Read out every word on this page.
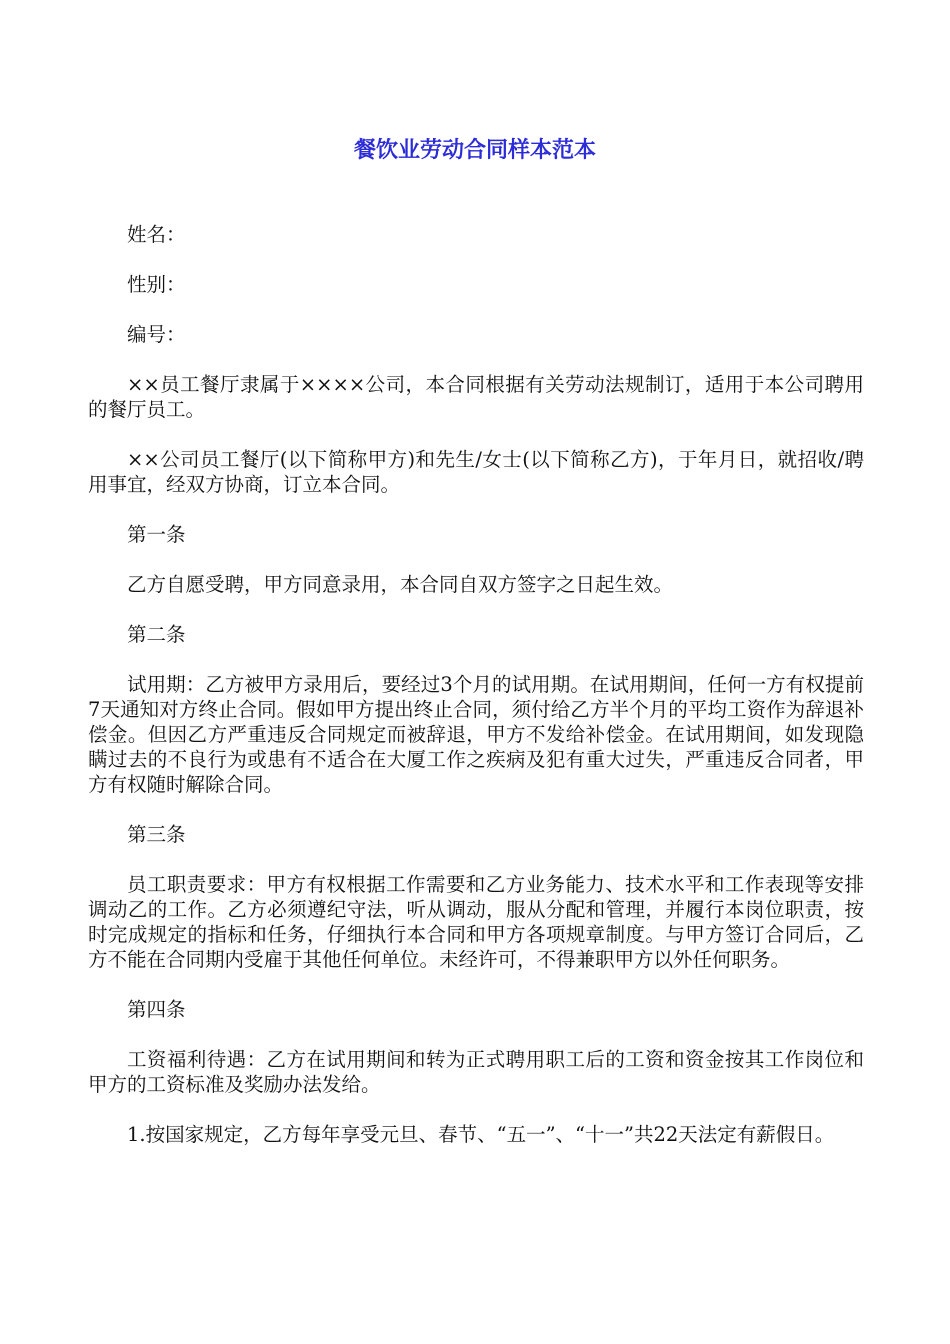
餐饮业劳动合同样本范本

姓名：

性别：

编号：

××员工餐厅隶属于××××公司，本合同根据有关劳动法规制订，适用于本公司聘用的餐厅员工。

××公司员工餐厅(以下简称甲方)和先生/女士(以下简称乙方)，于年月日，就招收/聘用事宜，经双方协商，订立本合同。

第一条

乙方自愿受聘，甲方同意录用，本合同自双方签字之日起生效。

第二条

试用期：乙方被甲方录用后，要经过3个月的试用期。在试用期间，任何一方有权提前7天通知对方终止合同。假如甲方提出终止合同，须付给乙方半个月的平均工资作为辞退补偿金。但因乙方严重违反合同规定而被辞退，甲方不发给补偿金。在试用期间，如发现隐瞒过去的不良行为或患有不适合在大厦工作之疾病及犯有重大过失，严重违反合同者，甲方有权随时解除合同。

第三条

员工职责要求：甲方有权根据工作需要和乙方业务能力、技术水平和工作表现等安排调动乙的工作。乙方必须遵纪守法，听从调动，服从分配和管理，并履行本岗位职责，按时完成规定的指标和任务，仔细执行本合同和甲方各项规章制度。与甲方签订合同后，乙方不能在合同期内受雇于其他任何单位。未经许可，不得兼职甲方以外任何职务。

第四条

工资福利待遇：乙方在试用期间和转为正式聘用职工后的工资和资金按其工作岗位和甲方的工资标准及奖励办法发给。

1.按国家规定，乙方每年享受元旦、春节、“五一”、“十一”共22天法定有薪假日。
